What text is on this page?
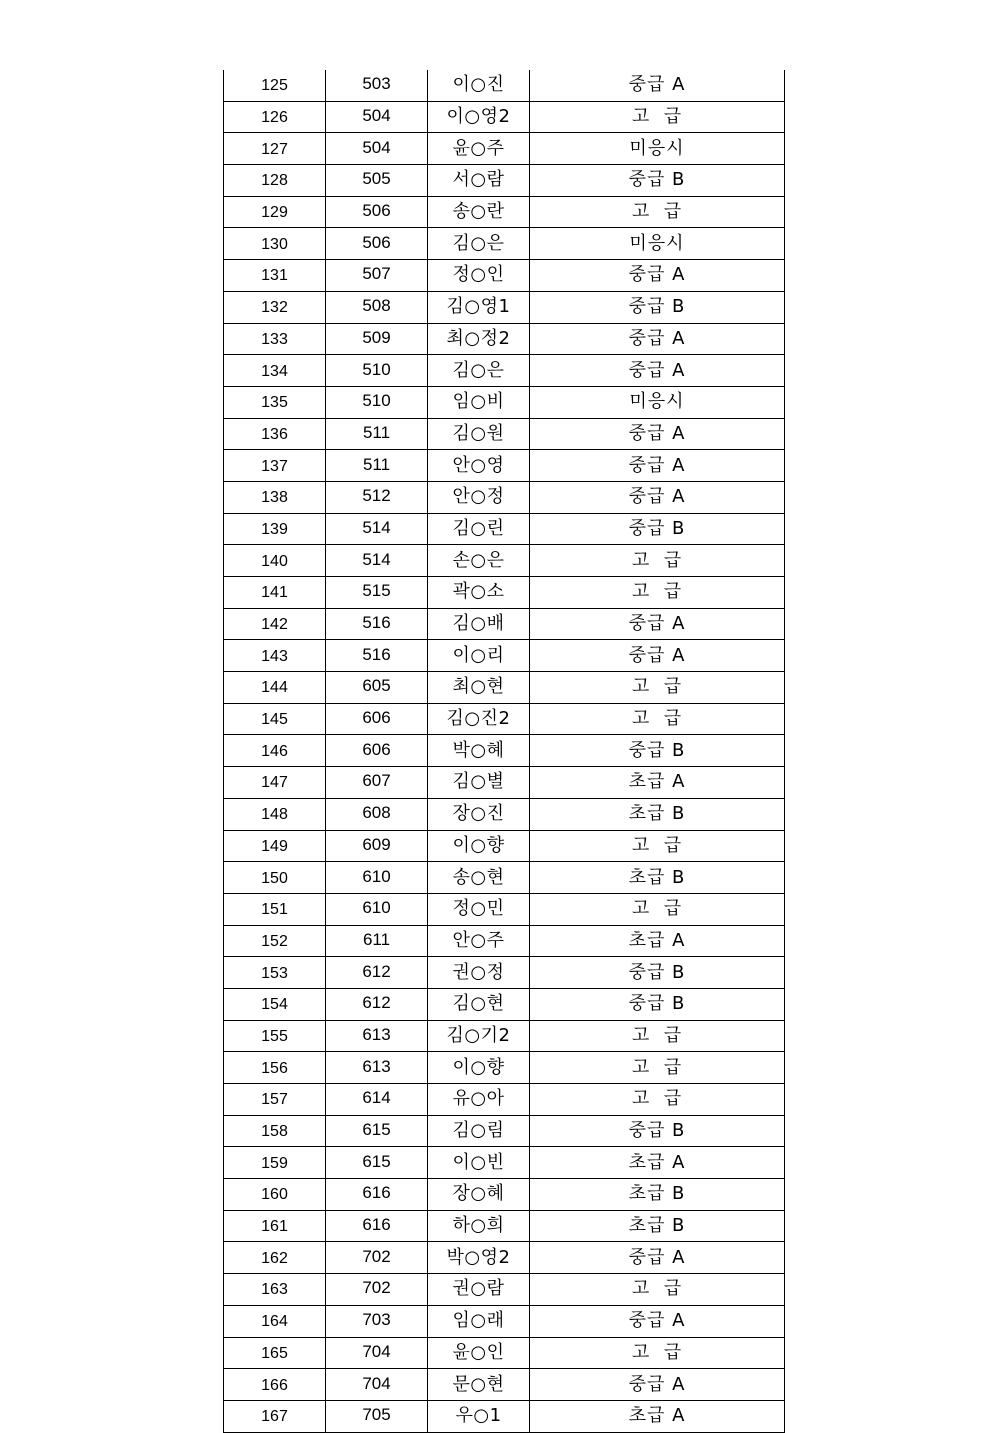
125	503	이○진	중급 A
126	504	이○영2	고  급
127	504	윤○주	미응시
128	505	서○람	중급 B
129	506	송○란	고  급
130	506	김○은	미응시
131	507	정○인	중급 A
132	508	김○영1	중급 B
133	509	최○정2	중급 A
134	510	김○은	중급 A
135	510	임○비	미응시
136	511	김○원	중급 A
137	511	안○영	중급 A
138	512	안○정	중급 A
139	514	김○린	중급 B
140	514	손○은	고  급
141	515	곽○소	고  급
142	516	김○배	중급 A
143	516	이○리	중급 A
144	605	최○현	고  급
145	606	김○진2	고  급
146	606	박○혜	중급 B
147	607	김○별	초급 A
148	608	장○진	초급 B
149	609	이○향	고  급
150	610	송○현	초급 B
151	610	정○민	고  급
152	611	안○주	초급 A
153	612	권○정	중급 B
154	612	김○현	중급 B
155	613	김○기2	고  급
156	613	이○향	고  급
157	614	유○아	고  급
158	615	김○림	중급 B
159	615	이○빈	초급 A
160	616	장○혜	초급 B
161	616	하○희	초급 B
162	702	박○영2	중급 A
163	702	권○람	고  급
164	703	임○래	중급 A
165	704	윤○인	고  급
166	704	문○현	중급 A
167	705	우○1	초급 A
